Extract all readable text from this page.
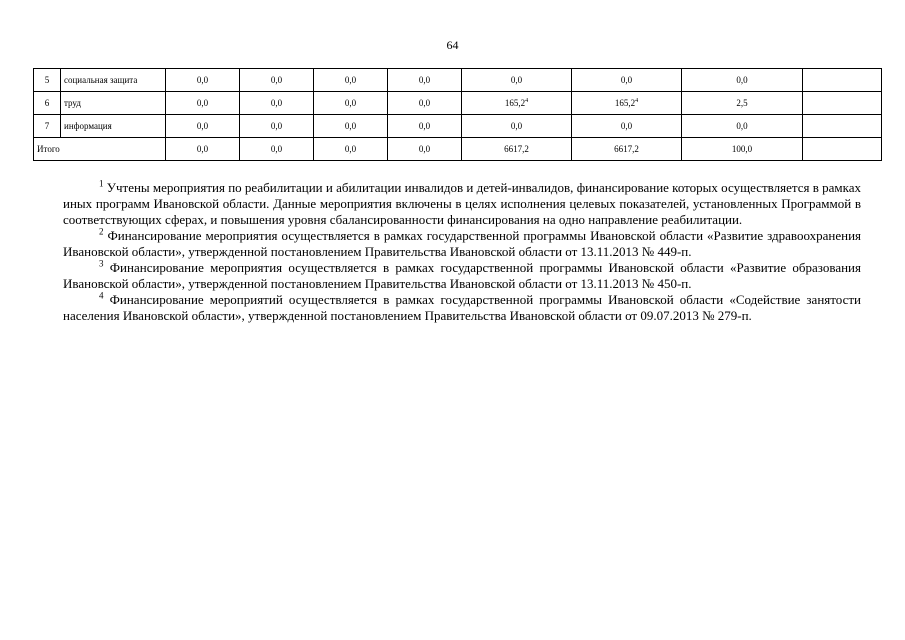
64
5	социальная защита	0,0	0,0	0,0	0,0	0,0	0,0	0,0	
6	труд	0,0	0,0	0,0	0,0	165,2$^4$	165,2$^4$	2,5	
7	информация	0,0	0,0	0,0	0,0	0,0	0,0	0,0	
Итого		0,0	0,0	0,0	0,0	6617,2	6617,2	100,0	

$^1$ Учтены мероприятия по реабилитации и абилитации инвалидов и детей-инвалидов, финансирование которых осуществляется в рамках иных программ Ивановской области. Данные мероприятия включены в целях исполнения целевых показателей, установленных Программой в соответствующих сферах, и повышения уровня сбалансированности финансирования на одно направление реабилитации.

$^2$ Финансирование мероприятия осуществляется в рамках государственной программы Ивановской области «Развитие здравоохранения Ивановской области», утвержденной постановлением Правительства Ивановской области от 13.11.2013 № 449-п.

$^3$ Финансирование мероприятия осуществляется в рамках государственной программы Ивановской области «Развитие образования Ивановской области», утвержденной постановлением Правительства Ивановской области от 13.11.2013 № 450-п.

$^4$ Финансирование мероприятий осуществляется в рамках государственной программы Ивановской области «Содействие занятости населения Ивановской области», утвержденной постановлением Правительства Ивановской области от 09.07.2013 № 279-п.
